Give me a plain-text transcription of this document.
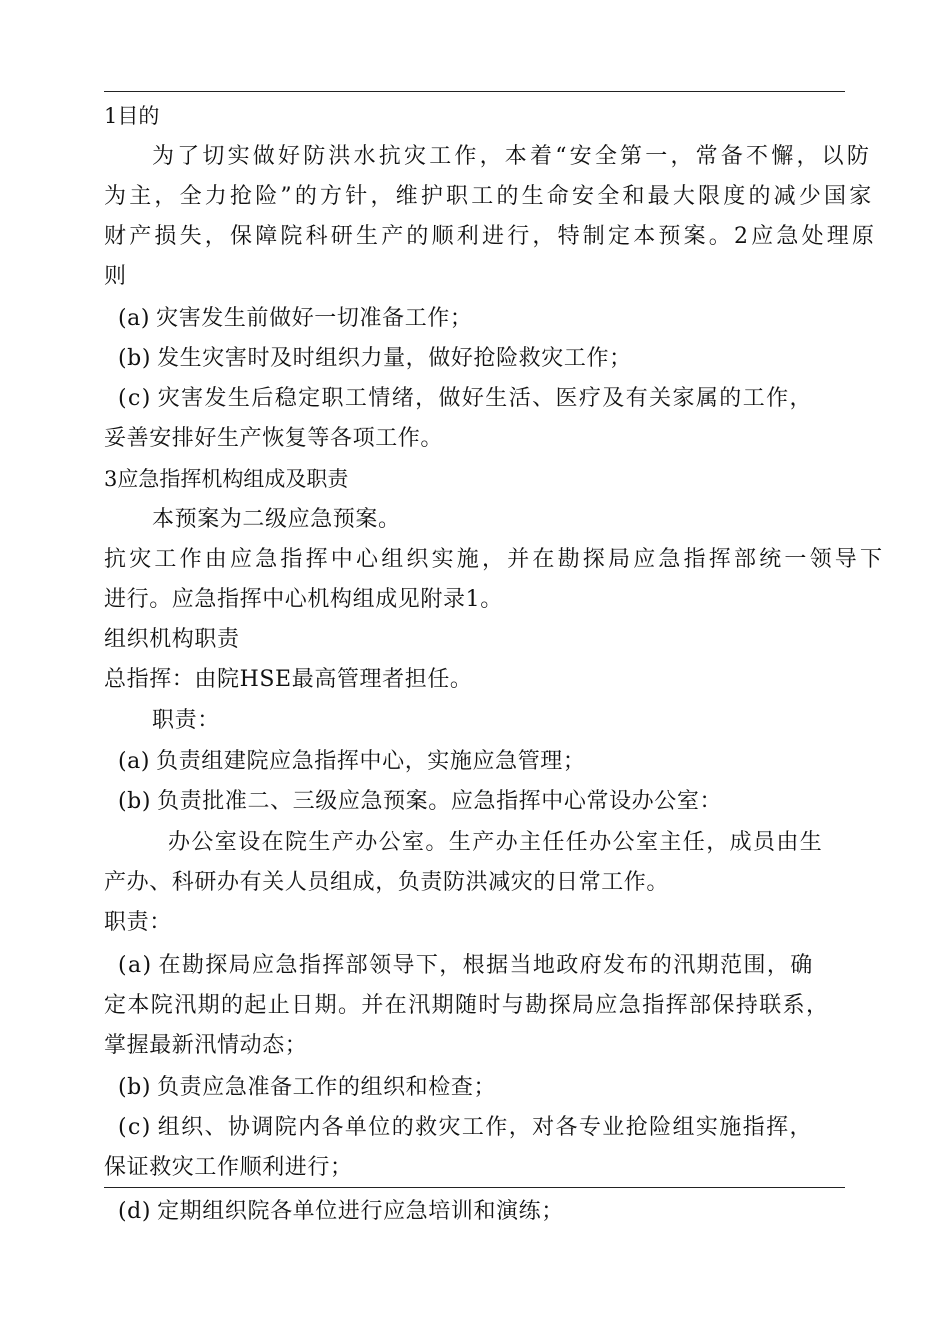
1目的
为了切实做好防洪水抗灾工作，本着“安全第一，常备不懈，以防
为主，全力抢险”的方针，维护职工的生命安全和最大限度的减少国家
财产损失，保障院科研生产的顺利进行，特制定本预案。2应急处理原
则
(a) 灾害发生前做好一切准备工作；
(b) 发生灾害时及时组织力量，做好抢险救灾工作；
(c) 灾害发生后稳定职工情绪，做好生活、医疗及有关家属的工作，
妥善安排好生产恢复等各项工作。
3应急指挥机构组成及职责
本预案为二级应急预案。
抗灾工作由应急指挥中心组织实施，并在勘探局应急指挥部统一领导下
进行。应急指挥中心机构组成见附录1。
组织机构职责
总指挥：由院HSE最高管理者担任。
职责：
(a) 负责组建院应急指挥中心，实施应急管理；
(b) 负责批准二、三级应急预案。应急指挥中心常设办公室：
办公室设在院生产办公室。生产办主任任办公室主任，成员由生
产办、科研办有关人员组成，负责防洪减灾的日常工作。
职责：
(a) 在勘探局应急指挥部领导下，根据当地政府发布的汛期范围，确
定本院汛期的起止日期。并在汛期随时与勘探局应急指挥部保持联系，
掌握最新汛情动态；
(b) 负责应急准备工作的组织和检查；
(c) 组织、协调院内各单位的救灾工作，对各专业抢险组实施指挥，
保证救灾工作顺利进行；
(d) 定期组织院各单位进行应急培训和演练；
